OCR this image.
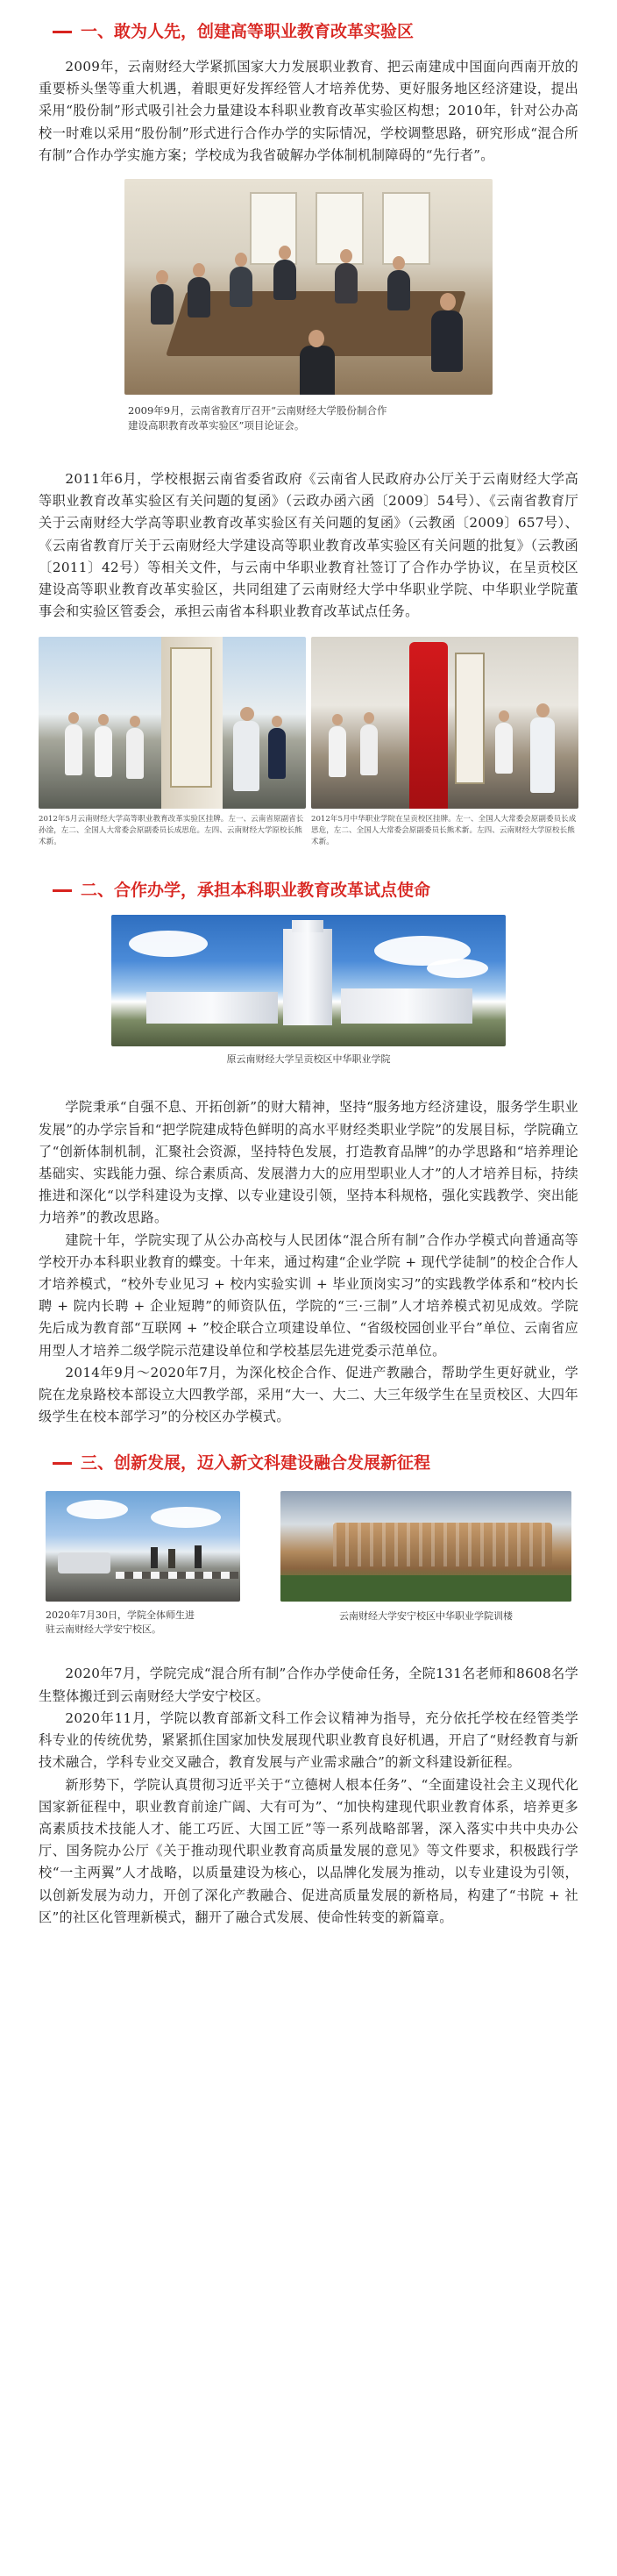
一、敢为人先，创建高等职业教育改革实验区

2009年，云南财经大学紧抓国家大力发展职业教育、把云南建成中国面向西南开放的重要桥头堡等重大机遇，着眼更好发挥经管人才培养优势、更好服务地区经济建设，提出采用“股份制”形式吸引社会力量建设本科职业教育改革实验区构想；2010年，针对公办高校一时难以采用“股份制”形式进行合作办学的实际情况，学校调整思路，研究形成“混合所有制”合作办学实施方案；学校成为我省破解办学体制机制障碍的“先行者”。

2009年9月，云南省教育厅召开“云南财经大学股份制合作
建设高职教育改革实验区”项目论证会。

2011年6月，学校根据云南省委省政府《云南省人民政府办公厅关于云南财经大学高等职业教育改革实验区有关问题的复函》（云政办函六函〔2009〕54号）、《云南省教育厅关于云南财经大学高等职业教育改革实验区有关问题的复函》（云教函〔2009〕657号）、《云南省教育厅关于云南财经大学建设高等职业教育改革实验区有关问题的批复》（云教函〔2011〕42号）等相关文件，与云南中华职业教育社签订了合作办学协议，在呈贡校区建设高等职业教育改革实验区，共同组建了云南财经大学中华职业学院、中华职业学院董事会和实验区管委会，承担云南省本科职业教育改革试点任务。

2012年5月云南财经大学高等职业教育改革实验区挂牌。左一、云南省原副省长孙淦，左二、全国人大常委会原副委员长成思危。左四、云南财经大学原校长熊术新。

2012年5月中华职业学院在呈贡校区挂牌。左一、全国人大常委会原副委员长成思危，左二、全国人大常委会原副委员长熊术新。左四、云南财经大学原校长熊术新。

二、合作办学，承担本科职业教育改革试点使命

原云南财经大学呈贡校区中华职业学院

学院秉承“自强不息、开拓创新”的财大精神，坚持“服务地方经济建设，服务学生职业发展”的办学宗旨和“把学院建成特色鲜明的高水平财经类职业学院”的发展目标，学院确立了“创新体制机制，汇聚社会资源，坚持特色发展，打造教育品牌”的办学思路和“培养理论基础实、实践能力强、综合素质高、发展潜力大的应用型职业人才”的人才培养目标，持续推进和深化“以学科建设为支撑、以专业建设引领，坚持本科规格，强化实践教学、突出能力培养”的教改思路。

建院十年，学院实现了从公办高校与人民团体“混合所有制”合作办学模式向普通高等学校开办本科职业教育的蝶变。十年来，通过构建“企业学院 + 现代学徒制”的校企合作人才培养模式，“校外专业见习 + 校内实验实训 + 毕业顶岗实习”的实践教学体系和“校内长聘 + 院内长聘 + 企业短聘”的师资队伍，学院的“三·三制”人才培养模式初见成效。学院先后成为教育部“互联网 + ”校企联合立项建设单位、“省级校园创业平台”单位、云南省应用型人才培养二级学院示范建设单位和学校基层先进党委示范单位。

2014年9月～2020年7月，为深化校企合作、促进产教融合，帮助学生更好就业，学院在龙泉路校本部设立大四教学部，采用“大一、大二、大三年级学生在呈贡校区、大四年级学生在校本部学习”的分校区办学模式。

三、创新发展，迈入新文科建设融合发展新征程
2020年7月30日，学院全体师生进
驻云南财经大学安宁校区。

云南财经大学安宁校区中华职业学院训楼

2020年7月，学院完成“混合所有制”合作办学使命任务，全院131名老师和8608名学生整体搬迁到云南财经大学安宁校区。

2020年11月，学院以教育部新文科工作会议精神为指导，充分依托学校在经管类学科专业的传统优势，紧紧抓住国家加快发展现代职业教育良好机遇，开启了“财经教育与新技术融合，学科专业交叉融合，教育发展与产业需求融合”的新文科建设新征程。

新形势下，学院认真贯彻习近平关于“立德树人根本任务”、“全面建设社会主义现代化国家新征程中，职业教育前途广阔、大有可为”、“加快构建现代职业教育体系，培养更多高素质技术技能人才、能工巧匠、大国工匠”等一系列战略部署，深入落实中共中央办公厅、国务院办公厅《关于推动现代职业教育高质量发展的意见》等文件要求，积极践行学校“一主两翼”人才战略，以质量建设为核心，以品牌化发展为推动，以专业建设为引领，以创新发展为动力，开创了深化产教融合、促进高质量发展的新格局，构建了“书院 + 社区”的社区化管理新模式，翻开了融合式发展、使命性转变的新篇章。
